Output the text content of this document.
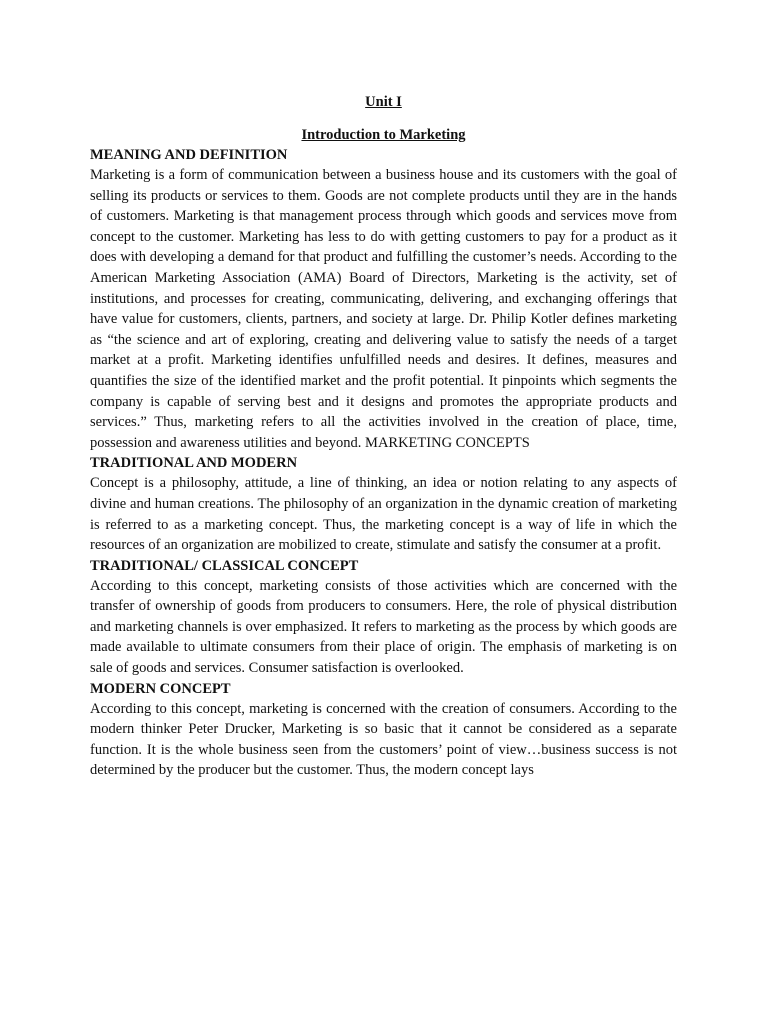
Unit I

Introduction to Marketing

MEANING AND DEFINITION

Marketing is a form of communication between a business house and its customers with the goal of selling its products or services to them. Goods are not complete products until they are in the hands of customers. Marketing is that management process through which goods and services move from concept to the customer. Marketing has less to do with getting customers to pay for a product as it does with developing a demand for that product and fulfilling the customer’s needs. According to the American Marketing Association (AMA) Board of Directors, Marketing is the activity, set of institutions, and processes for creating, communicating, delivering, and exchanging offerings that have value for customers, clients, partners, and society at large. Dr. Philip Kotler defines marketing as “the science and art of exploring, creating and delivering value to satisfy the needs of a target market at a profit. Marketing identifies unfulfilled needs and desires. It defines, measures and quantifies the size of the identified market and the profit potential. It pinpoints which segments the company is capable of serving best and it designs and promotes the appropriate products and services.” Thus, marketing refers to all the activities involved in the creation of place, time, possession and awareness utilities and beyond. MARKETING CONCEPTS

TRADITIONAL AND MODERN

Concept is a philosophy, attitude, a line of thinking, an idea or notion relating to any aspects of divine and human creations. The philosophy of an organization in the dynamic creation of marketing is referred to as a marketing concept. Thus, the marketing concept is a way of life in which the resources of an organization are mobilized to create, stimulate and satisfy the consumer at a profit.

TRADITIONAL/ CLASSICAL CONCEPT

According to this concept, marketing consists of those activities which are concerned with the transfer of ownership of goods from producers to consumers. Here, the role of physical distribution and marketing channels is over emphasized. It refers to marketing as the process by which goods are made available to ultimate consumers from their place of origin. The emphasis of marketing is on sale of goods and services. Consumer satisfaction is overlooked.

MODERN CONCEPT

According to this concept, marketing is concerned with the creation of consumers. According to the modern thinker Peter Drucker, Marketing is so basic that it cannot be considered as a separate function. It is the whole business seen from the customers’ point of view…business success is not determined by the producer but the customer. Thus, the modern concept lays
